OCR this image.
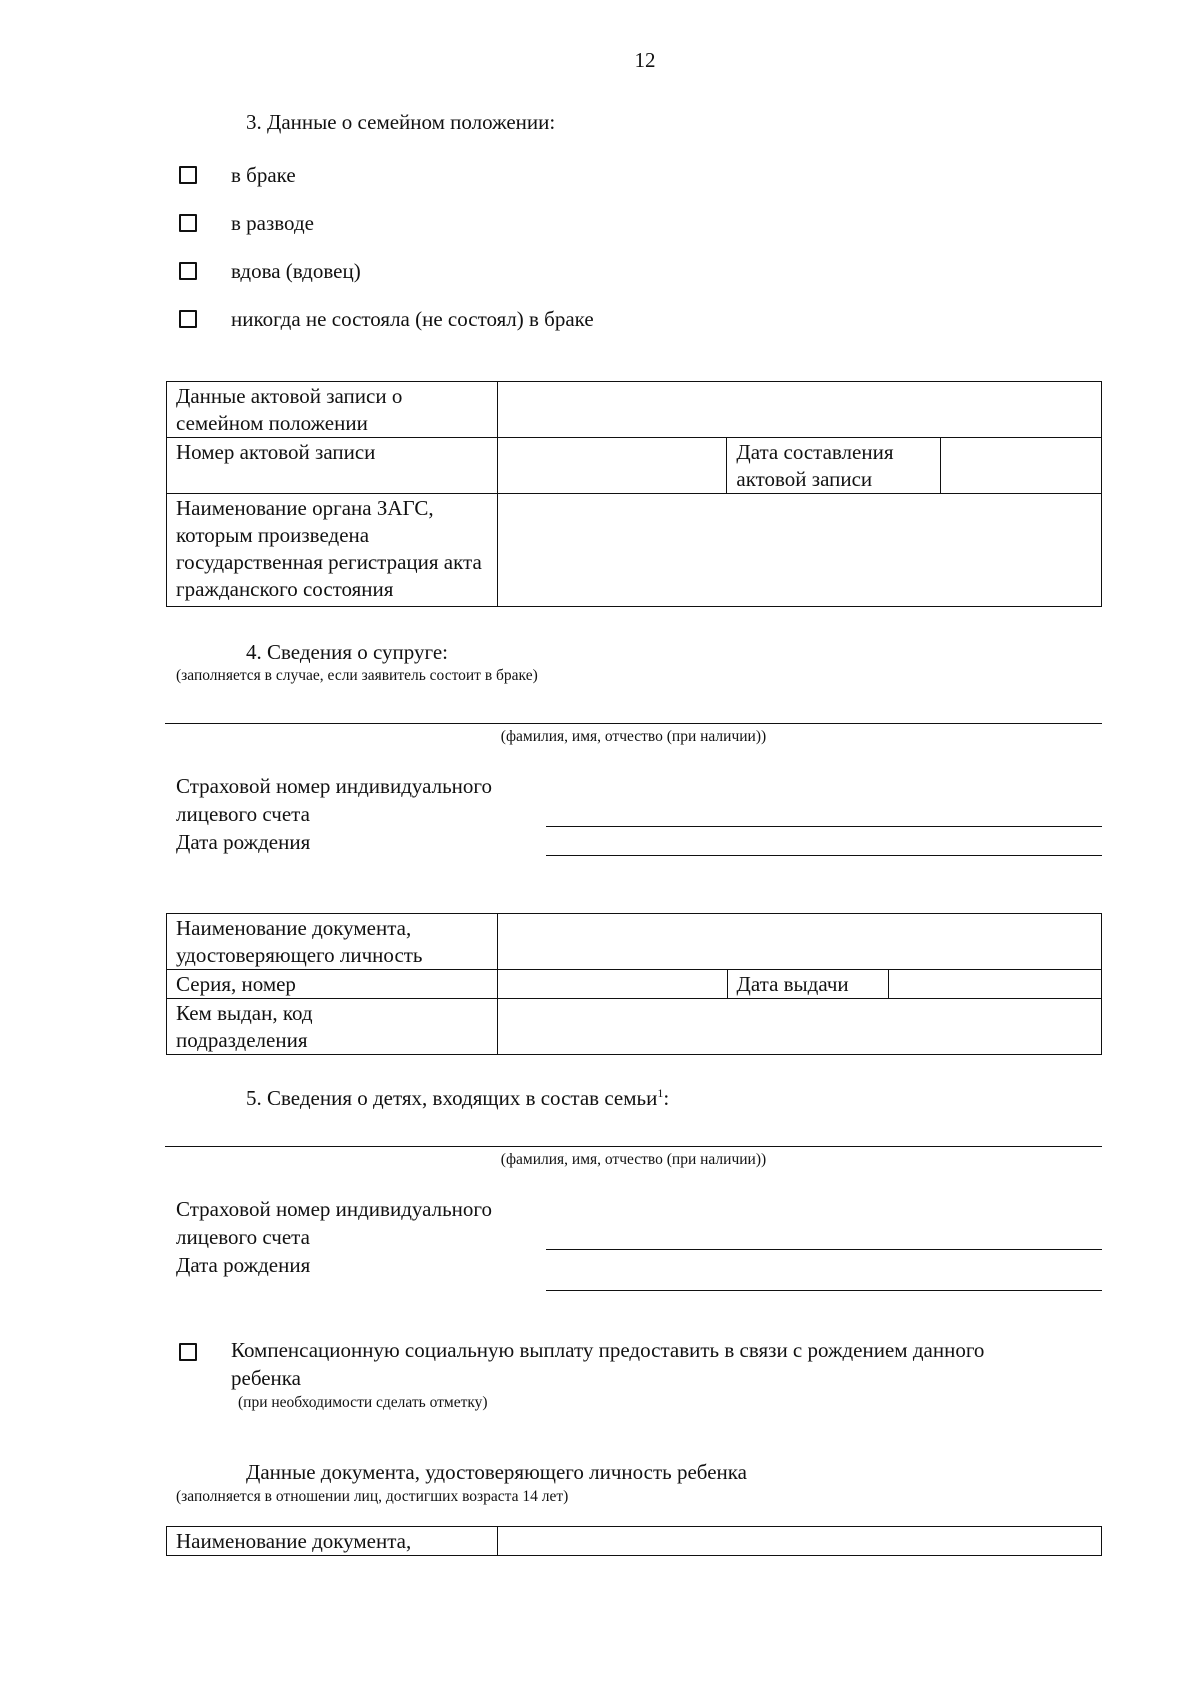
12
3. Данные о семейном положении:
в браке
в разводе
вдова (вдовец)
никогда не состояла (не состоял) в браке
Данные актовой записи о семейном положении			

Номер актовой записи		Дата составления актовой записи	

Наименование органа ЗАГС, которым произведена государственная регистрация акта гражданского состояния			

4. Сведения о супруге:
(заполняется в случае, если заявитель состоит в браке)
(фамилия, имя, отчество (при наличии))
Страховой номер индивидуального лицевого счета
Дата рождения
Наименование документа, удостоверяющего личность			

Серия, номер		Дата выдачи	

Кем выдан, код подразделения			

5. Сведения о детях, входящих в состав семьи$^1$:
(фамилия, имя, отчество (при наличии))
Страховой номер индивидуального лицевого счета
Дата рождения
Компенсационную социальную выплату предоставить в связи с рождением данного ребенка
(при необходимости сделать отметку)
Данные документа, удостоверяющего личность ребенка
(заполняется в отношении лиц, достигших возраста 14 лет)
Наименование документа,	
